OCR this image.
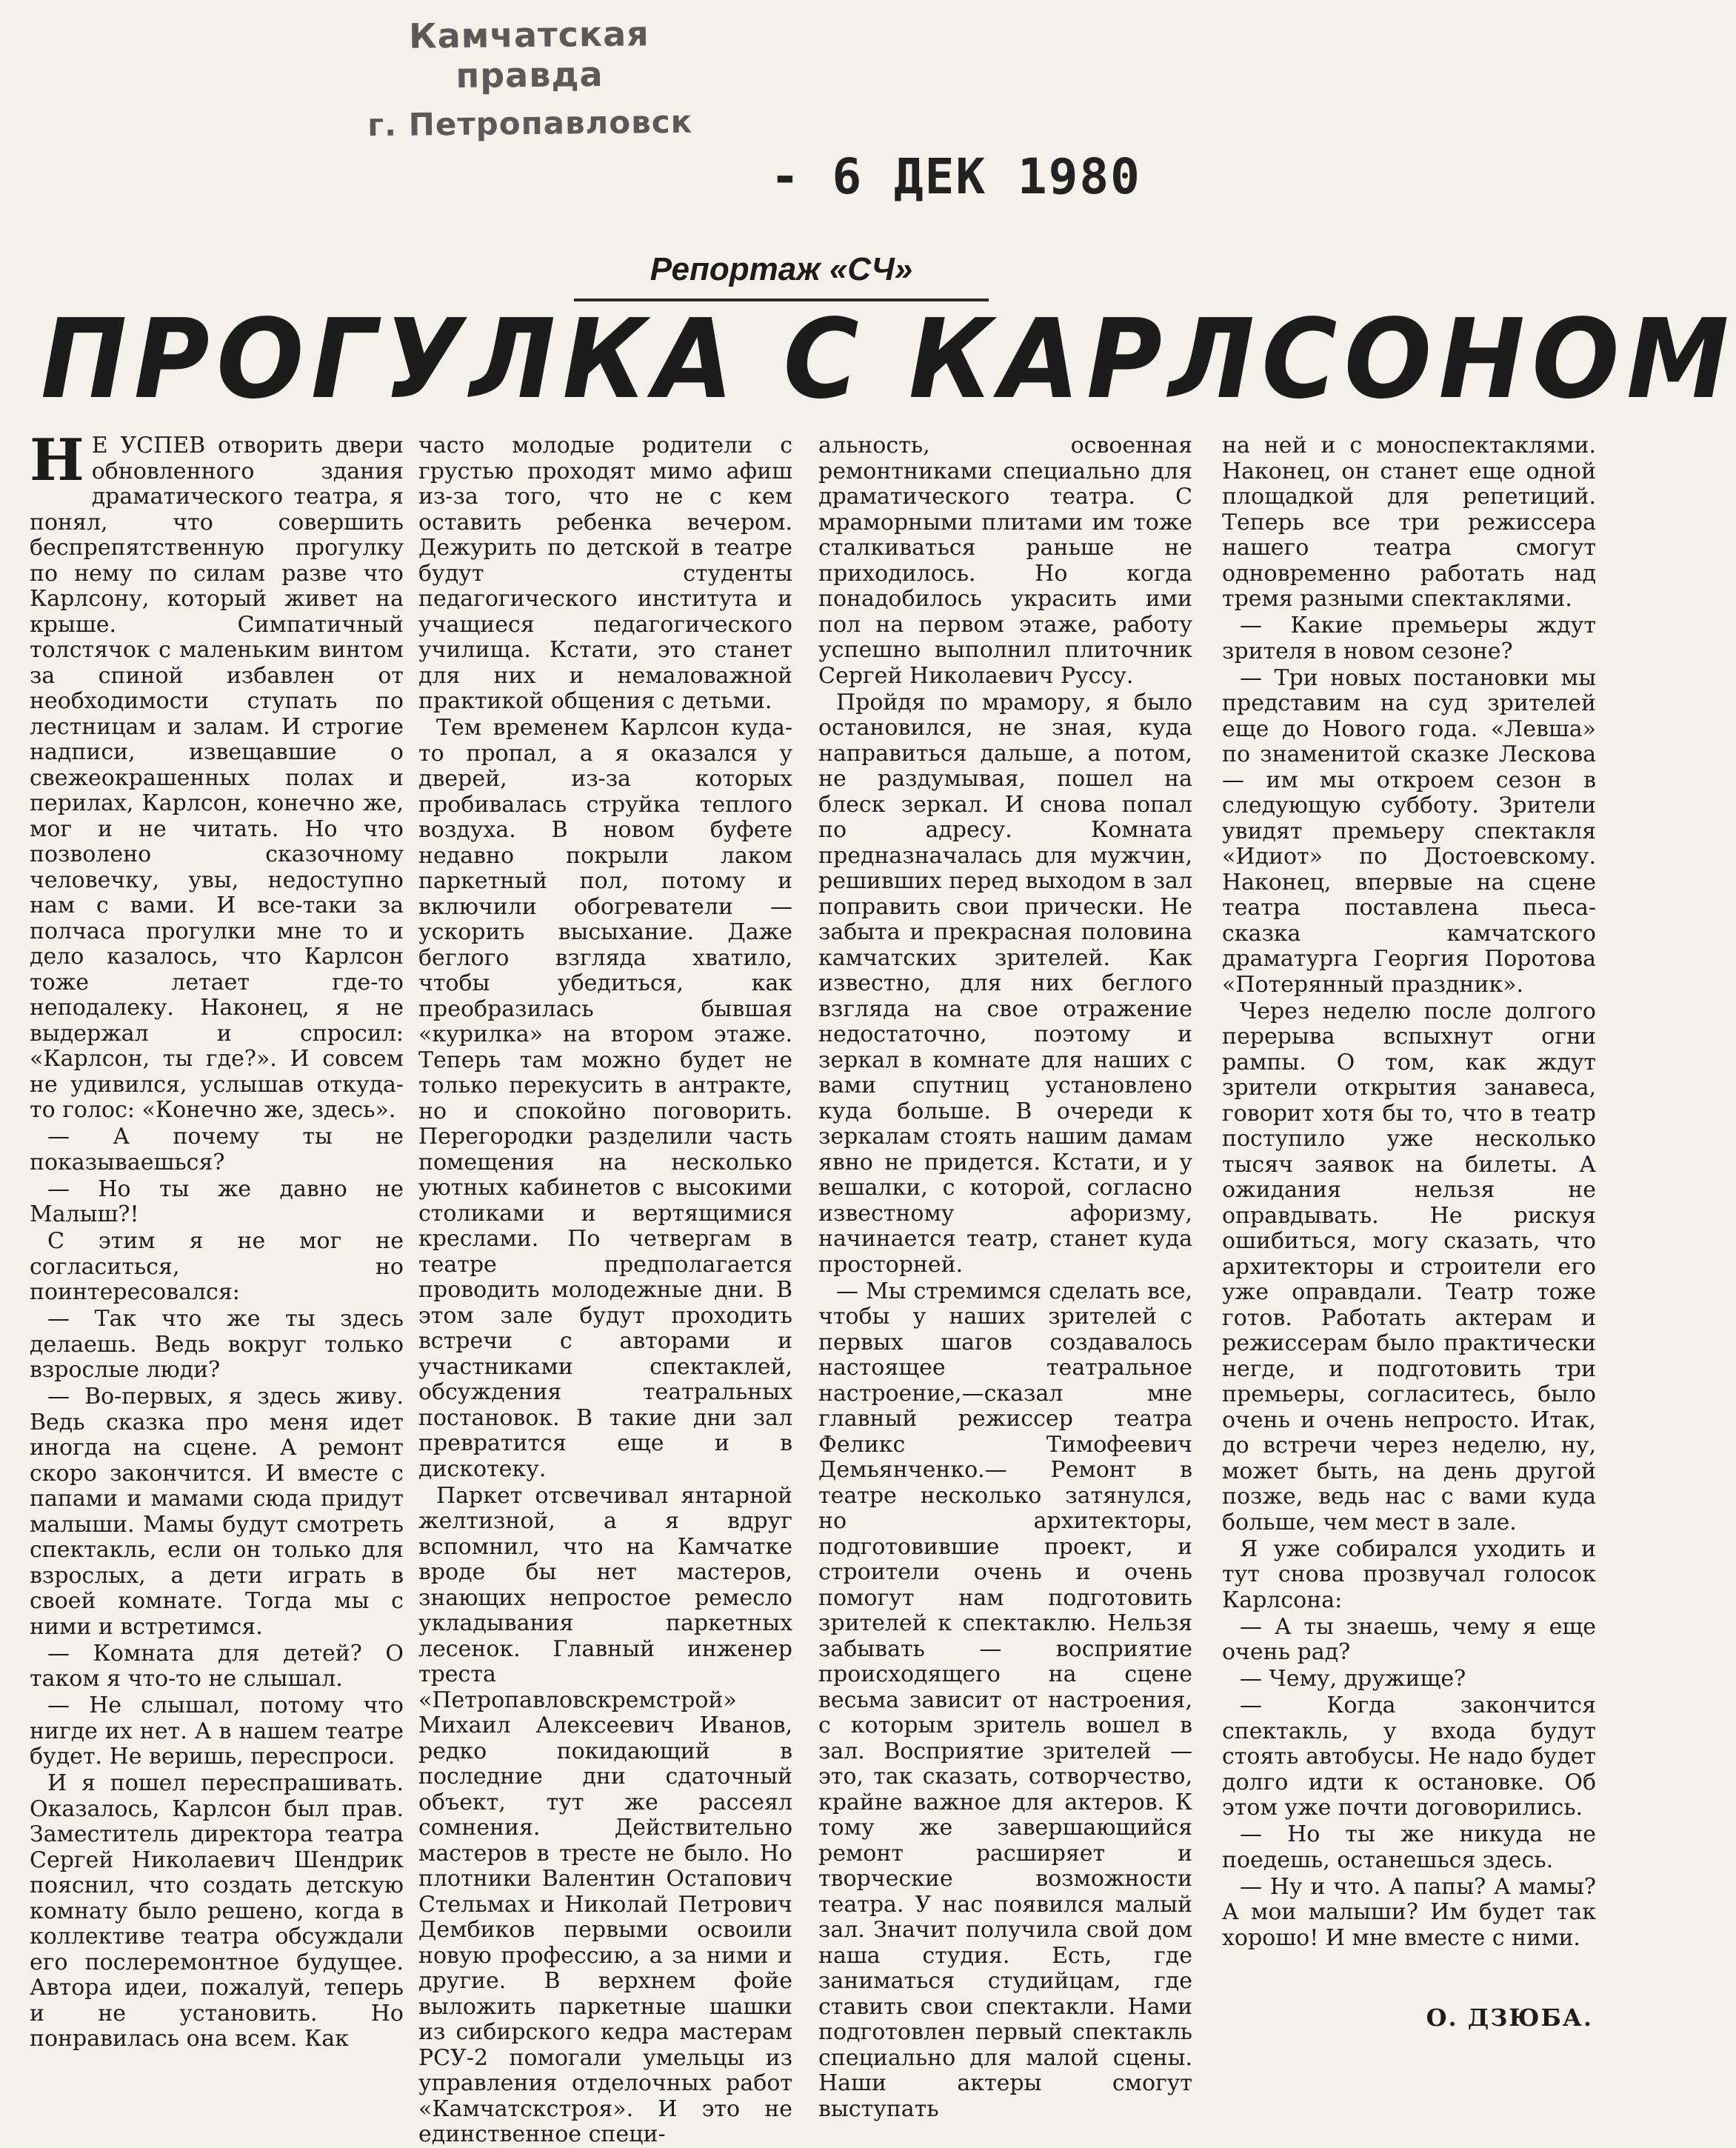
Камчатская правда
г. Петропавловск
- 6 ДЕК 1980
Репортаж «СЧ»
ПРОГУЛКА С КАРЛСОНОМ

Н Е УСПЕВ отворить двери обновленного здания драматического театра, я понял, что совершить беспрепятственную прогулку по нему по силам разве что Карлсону, который живет на крыше. Симпатичный толстячок с маленьким винтом за спиной избавлен от необходимости ступать по лестницам и залам. И строгие надписи, извещавшие о свежеокрашенных полах и перилах, Карлсон, конечно же, мог и не читать. Но что позволено сказочному человечку, увы, недоступно нам с вами. И все-таки за полчаса прогулки мне то и дело казалось, что Карлсон тоже летает где-то неподалеку. Наконец, я не выдержал и спросил: «Карлсон, ты где?». И совсем не удивился, услышав откуда-то голос: «Конечно же, здесь».

— А почему ты не показываешься?

— Но ты же давно не Малыш?!

С этим я не мог не согласиться, но поинтересовался:

— Так что же ты здесь делаешь. Ведь вокруг только взрослые люди?

— Во-первых, я здесь живу. Ведь сказка про меня идет иногда на сцене. А ремонт скоро закончится. И вместе с папами и мамами сюда придут малыши. Мамы будут смотреть спектакль, если он только для взрослых, а дети играть в своей комнате. Тогда мы с ними и встретимся.

— Комната для детей? О таком я что-то не слышал.

— Не слышал, потому что нигде их нет. А в нашем театре будет. Не веришь, переспроси.

И я пошел переспрашивать. Оказалось, Карлсон был прав. Заместитель директора театра Сергей Николаевич Шендрик пояснил, что создать детскую комнату было решено, когда в коллективе театра обсуждали его послеремонтное будущее. Автора идеи, пожалуй, теперь и не установить. Но понравилась она всем. Как

часто молодые родители с грустью проходят мимо афиш из-за того, что не с кем оставить ребенка вечером. Дежурить по детской в театре будут студенты педагогического института и учащиеся педагогического училища. Кстати, это станет для них и немаловажной практикой общения с детьми.

Тем временем Карлсон куда-то пропал, а я оказался у дверей, из-за которых пробивалась струйка теплого воздуха. В новом буфете недавно покрыли лаком паркетный пол, потому и включили обогреватели — ускорить высыхание. Даже беглого взгляда хватило, чтобы убедиться, как преобразилась бывшая «курилка» на втором этаже. Теперь там можно будет не только перекусить в антракте, но и спокойно поговорить. Перегородки разделили часть помещения на несколько уютных кабинетов с высокими столиками и вертящимися креслами. По четвергам в театре предполагается проводить молодежные дни. В этом зале будут проходить встречи с авторами и участниками спектаклей, обсуждения театральных постановок. В такие дни зал превратится еще и в дискотеку.

Паркет отсвечивал янтарной желтизной, а я вдруг вспомнил, что на Камчатке вроде бы нет мастеров, знающих непростое ремесло укладывания паркетных лесенок. Главный инженер треста «Петропавловскремстрой» Михаил Алексеевич Иванов, редко покидающий в последние дни сдаточный объект, тут же рассеял сомнения. Действительно мастеров в тресте не было. Но плотники Валентин Остапович Стельмах и Николай Петрович Дембиков первыми освоили новую профессию, а за ними и другие. В верхнем фойе выложить паркетные шашки из сибирского кедра мастерам РСУ-2 помогали умельцы из управления отделочных работ «Камчатскстроя». И это не единственное специ-

альность, освоенная ремонтниками специально для драматического театра. С мраморными плитами им тоже сталкиваться раньше не приходилось. Но когда понадобилось украсить ими пол на первом этаже, работу успешно выполнил плиточник Сергей Николаевич Руссу.

Пройдя по мрамору, я было остановился, не зная, куда направиться дальше, а потом, не раздумывая, пошел на блеск зеркал. И снова попал по адресу. Комната предназначалась для мужчин, решивших перед выходом в зал поправить свои прически. Не забыта и прекрасная половина камчатских зрителей. Как известно, для них беглого взгляда на свое отражение недостаточно, поэтому и зеркал в комнате для наших с вами спутниц установлено куда больше. В очереди к зеркалам стоять нашим дамам явно не придется. Кстати, и у вешалки, с которой, согласно известному афоризму, начинается театр, станет куда просторней.

— Мы стремимся сделать все, чтобы у наших зрителей с первых шагов создавалось настоящее театральное настроение,—сказал мне главный режиссер театра Феликс Тимофеевич Демьянченко.— Ремонт в театре несколько затянулся, но архитекторы, подготовившие проект, и строители очень и очень помогут нам подготовить зрителей к спектаклю. Нельзя забывать — восприятие происходящего на сцене весьма зависит от настроения, с которым зритель вошел в зал. Восприятие зрителей — это, так сказать, сотворчество, крайне важное для актеров. К тому же завершающийся ремонт расширяет и творческие возможности театра. У нас появился малый зал. Значит получила свой дом наша студия. Есть, где заниматься студийцам, где ставить свои спектакли. Нами подготовлен первый спектакль специально для малой сцены. Наши актеры смогут выступать

на ней и с моноспектаклями. Наконец, он станет еще одной площадкой для репетиций. Теперь все три режиссера нашего театра смогут одновременно работать над тремя разными спектаклями.

— Какие премьеры ждут зрителя в новом сезоне?

— Три новых постановки мы представим на суд зрителей еще до Нового года. «Левша» по знаменитой сказке Лескова — им мы откроем сезон в следующую субботу. Зрители увидят премьеру спектакля «Идиот» по Достоевскому. Наконец, впервые на сцене театра поставлена пьеса-сказка камчатского драматурга Георгия Поротова «Потерянный праздник».

Через неделю после долгого перерыва вспыхнут огни рампы. О том, как ждут зрители открытия занавеса, говорит хотя бы то, что в театр поступило уже несколько тысяч заявок на билеты. А ожидания нельзя не оправдывать. Не рискуя ошибиться, могу сказать, что архитекторы и строители его уже оправдали. Театр тоже готов. Работать актерам и режиссерам было практически негде, и подготовить три премьеры, согласитесь, было очень и очень непросто. Итак, до встречи через неделю, ну, может быть, на день другой позже, ведь нас с вами куда больше, чем мест в зале.

Я уже собирался уходить и тут снова прозвучал голосок Карлсона:

— А ты знаешь, чему я еще очень рад?

— Чему, дружище?

— Когда закончится спектакль, у входа будут стоять автобусы. Не надо будет долго идти к остановке. Об этом уже почти договорились.

— Но ты же никуда не поедешь, останешься здесь.

— Ну и что. А папы? А мамы? А мои малыши? Им будет так хорошо! И мне вместе с ними.

О. ДЗЮБА.
